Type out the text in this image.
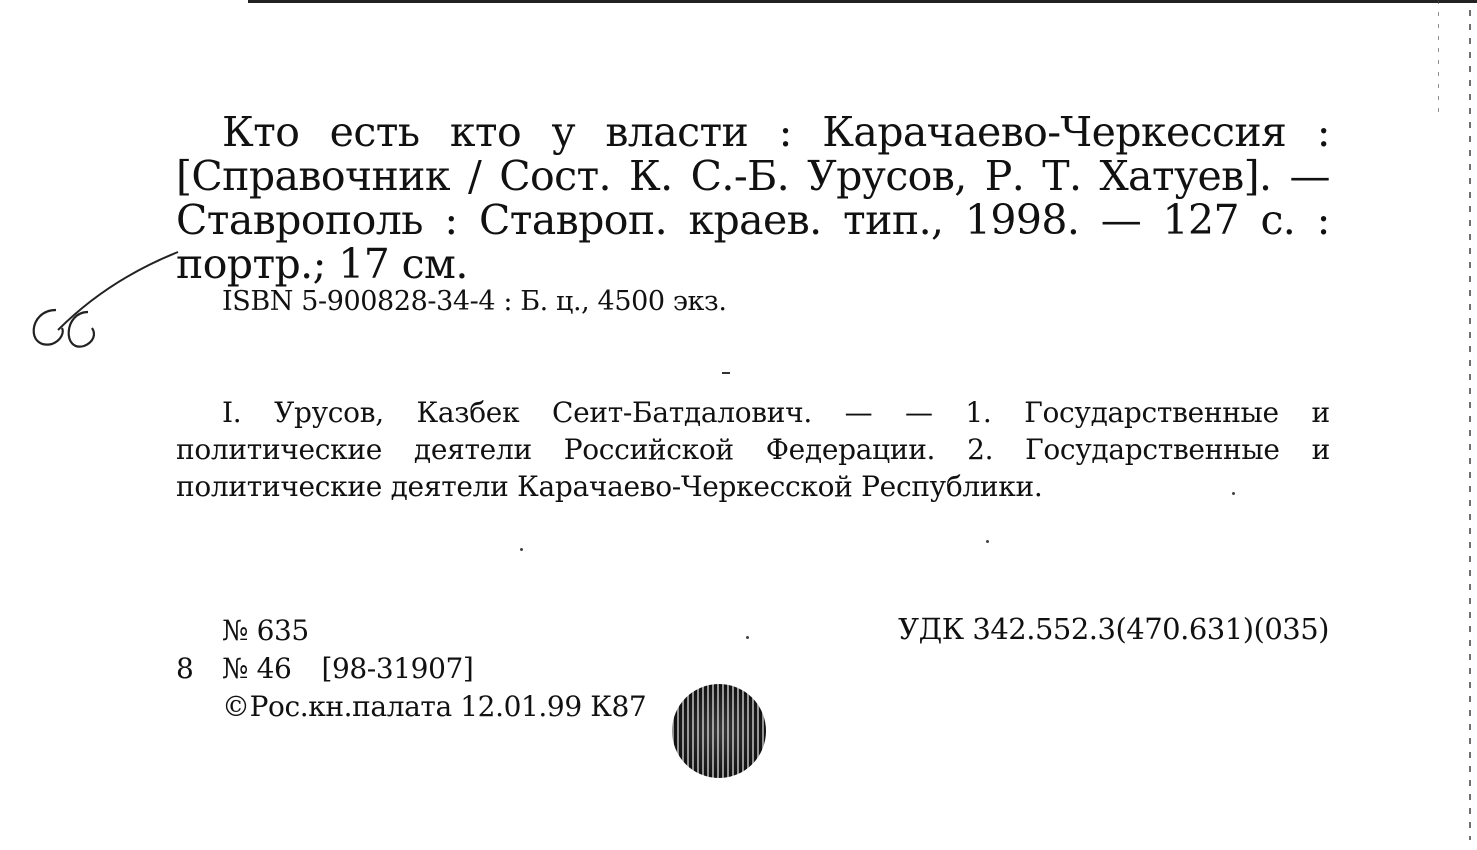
Кто есть кто у власти : Карачаево-Черкессия :
[Справочник / Сост. К. С.-Б. Урусов, Р. Т. Хатуев]. —
Ставрополь : Ставроп. краев. тип., 1998. — 127 с. :
портр.; 17 см.
ISBN 5-900828-34-4 : Б. ц., 4500 экз.
I. Урусов, Казбек Сеит-Батдалович. — — 1. Государственные и
политические деятели Российской Федерации. 2. Государственные и
политические деятели Карачаево-Черкесской Республики.
№ 635
8	№ 46 [98-31907]
©Рос.кн.палата 12.01.99 К87
УДК 342.552.3(470.631)(035)
